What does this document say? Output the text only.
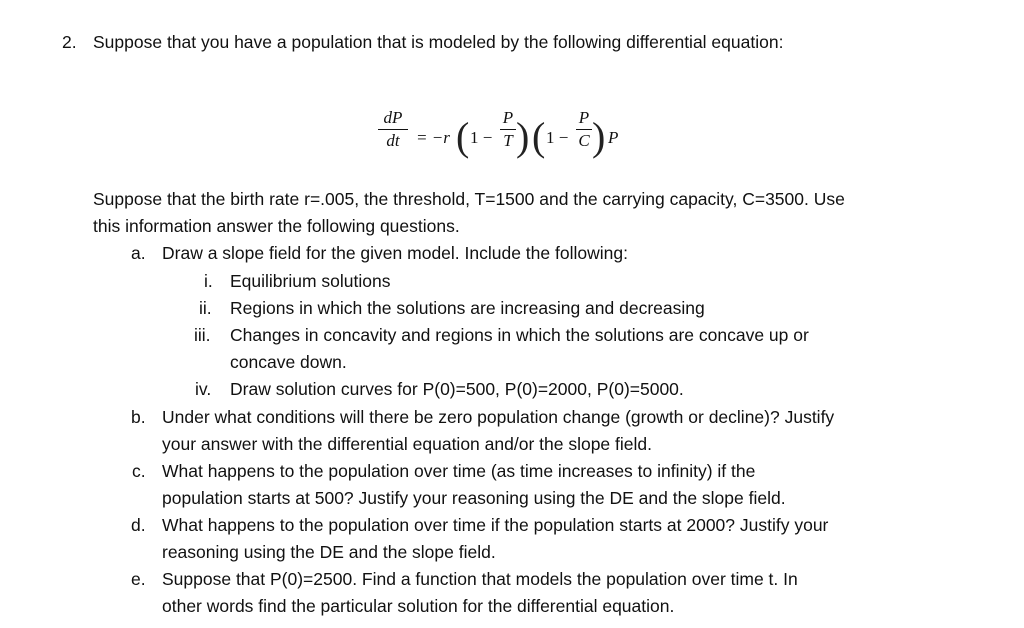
2. Suppose that you have a population that is modeled by the following differential equation:
dP
dt = −r ( 1 −
P
T ) ( 1 −
P
C ) P
Suppose that the birth rate r=.005, the threshold, T=1500 and the carrying capacity, C=3500. Use
this information answer the following questions.
a. Draw a slope field for the given model. Include the following:
i. Equilibrium solutions
ii. Regions in which the solutions are increasing and decreasing
iii. Changes in concavity and regions in which the solutions are concave up or
concave down.
iv. Draw solution curves for P(0)=500, P(0)=2000, P(0)=5000.
b. Under what conditions will there be zero population change (growth or decline)? Justify
your answer with the differential equation and/or the slope field.
c. What happens to the population over time (as time increases to infinity) if the
population starts at 500? Justify your reasoning using the DE and the slope field.
d. What happens to the population over time if the population starts at 2000? Justify your
reasoning using the DE and the slope field.
e. Suppose that P(0)=2500. Find a function that models the population over time t. In
other words find the particular solution for the differential equation.
